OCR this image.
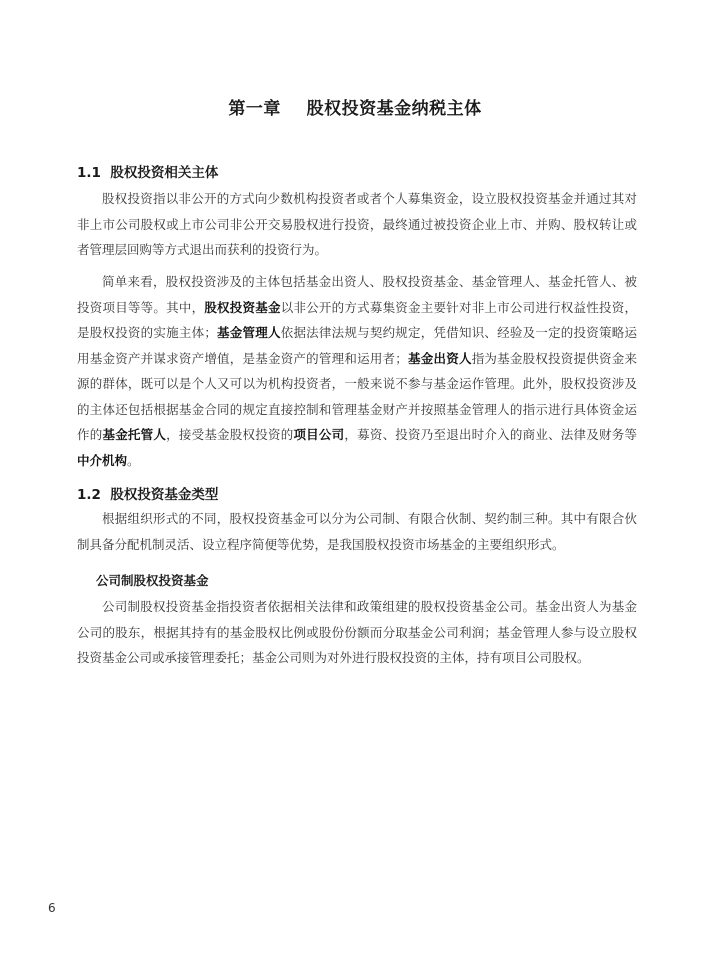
第一章    股权投资基金纳税主体
1.1  股权投资相关主体

股权投资指以非公开的方式向少数机构投资者或者个人募集资金，设立股权投资基金并通过其对非上市公司股权或上市公司非公开交易股权进行投资，最终通过被投资企业上市、并购、股权转让或者管理层回购等方式退出而获利的投资行为。

简单来看，股权投资涉及的主体包括基金出资人、股权投资基金、基金管理人、基金托管人、被投资项目等等。其中，股权投资基金以非公开的方式募集资金主要针对非上市公司进行权益性投资，是股权投资的实施主体；基金管理人依据法律法规与契约规定，凭借知识、经验及一定的投资策略运用基金资产并谋求资产增值，是基金资产的管理和运用者；基金出资人指为基金股权投资提供资金来源的群体，既可以是个人又可以为机构投资者，一般来说不参与基金运作管理。此外，股权投资涉及的主体还包括根据基金合同的规定直接控制和管理基金财产并按照基金管理人的指示进行具体资金运作的基金托管人，接受基金股权投资的项目公司，募资、投资乃至退出时介入的商业、法律及财务等中介机构。

1.2  股权投资基金类型

根据组织形式的不同，股权投资基金可以分为公司制、有限合伙制、契约制三种。其中有限合伙制具备分配机制灵活、设立程序简便等优势，是我国股权投资市场基金的主要组织形式。

公司制股权投资基金

公司制股权投资基金指投资者依据相关法律和政策组建的股权投资基金公司。基金出资人为基金公司的股东，根据其持有的基金股权比例或股份份额而分取基金公司利润；基金管理人参与设立股权投资基金公司或承接管理委托；基金公司则为对外进行股权投资的主体，持有项目公司股权。

6
